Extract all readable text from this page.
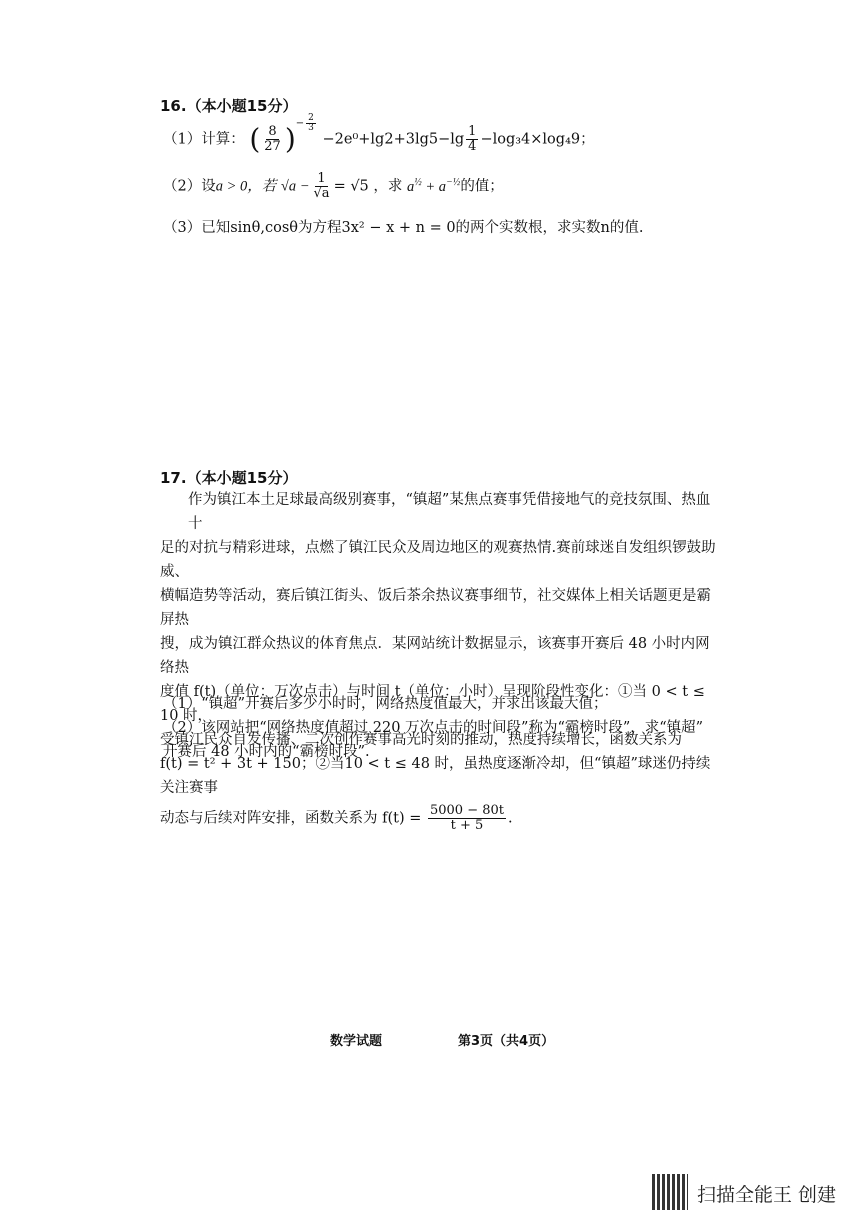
16.（本小题15分）
（1）计算： ( $\frac{8}{27} )^{- \frac{2}{3}}$
$-2e^0+\lg 2+3\lg 5-\lg \frac{1}{4} -\log_34\times\log_49$；
（2）设a > 0，若 $√a - \frac{1}{√a} = √5$ ，求 $a^{\frac{1}{2}} + a^{-\frac{1}{2}}$的值；
（3）已知sinθ,cosθ为方程3x² − x + n = 0的两个实数根，求实数n的值.
17.（本小题15分）
作为镇江本土足球最高级别赛事，“镇超”某焦点赛事凭借接地气的竞技氛围、热血十
足的对抗与精彩进球，点燃了镇江民众及周边地区的观赛热情.赛前球迷自发组织锣鼓助威、
横幅造势等活动，赛后镇江街头、饭后茶余热议赛事细节，社交媒体上相关话题更是霸屏热
搜，成为镇江群众热议的体育焦点．某网站统计数据显示，该赛事开赛后 48 小时内网络热
度值 f(t)（单位：万次点击）与时间 t（单位：小时）呈现阶段性变化：①当 0 < t ≤ 10 时，
受镇江民众自发传播、二次创作赛事高光时刻的推动，热度持续增长，函数关系为
f(t) = t² + 3t + 150；②当10 < t ≤ 48 时，虽热度逐渐冷却，但“镇超”球迷仍持续关注赛事
动态与后续对阵安排，函数关系为 $f(t) = \frac{5000 - 80t}{t + 5}$ .
（1）“镇超”开赛后多少小时时，网络热度值最大，并求出该最大值；
（2）该网站把“网络热度值超过 220 万次点击的时间段”称为“霸榜时段”，求“镇超”
开赛后 48 小时内的“霸榜时段”.
数学试题	第3页（共4页）
扫描全能王 创建
